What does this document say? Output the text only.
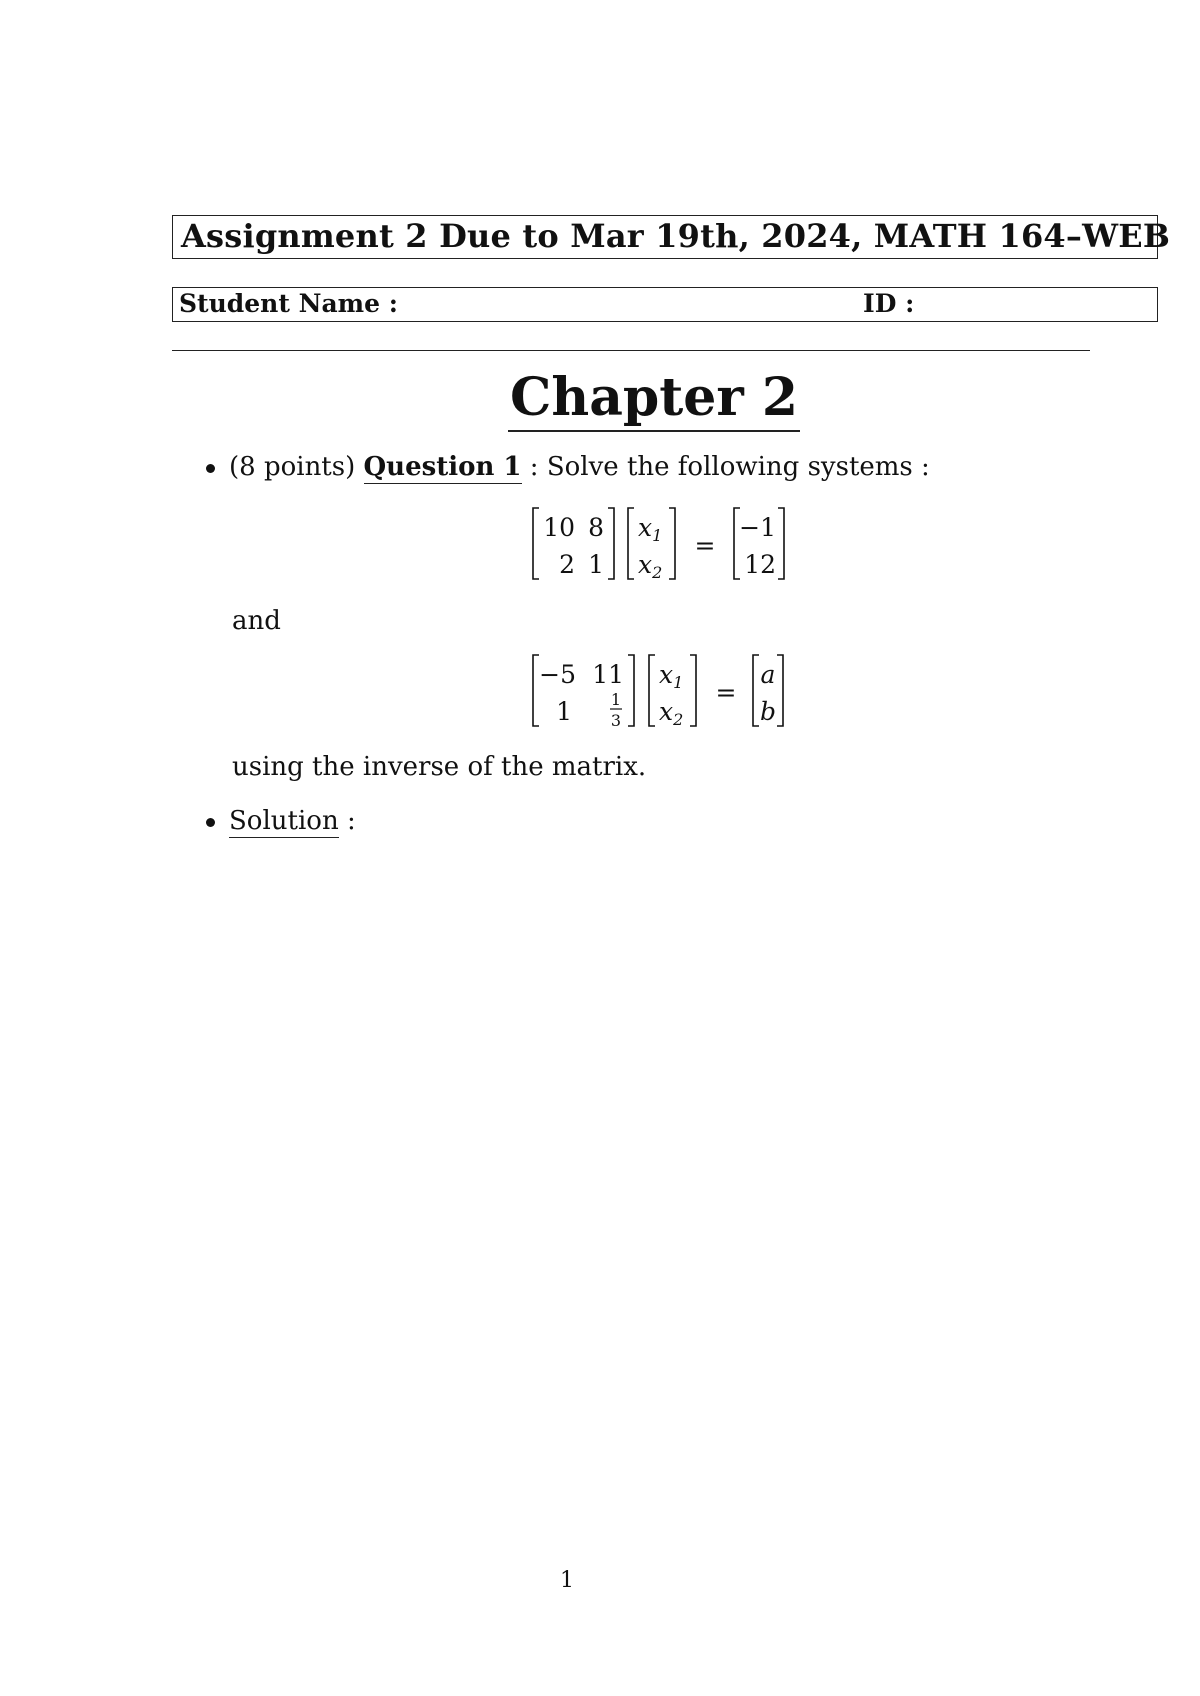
Assignment 2 Due to Mar 19th, 2024, MATH 164–WEB
Student Name :	ID :
Chapter 2
(8 points) Question 1 : Solve the following systems :
10 8
2 1
$x_1$
$x_2$
=
−1
12
and
−5 11
1 1
3
$x_1$
$x_2$
=
a
b
using the inverse of the matrix.
Solution :
1
